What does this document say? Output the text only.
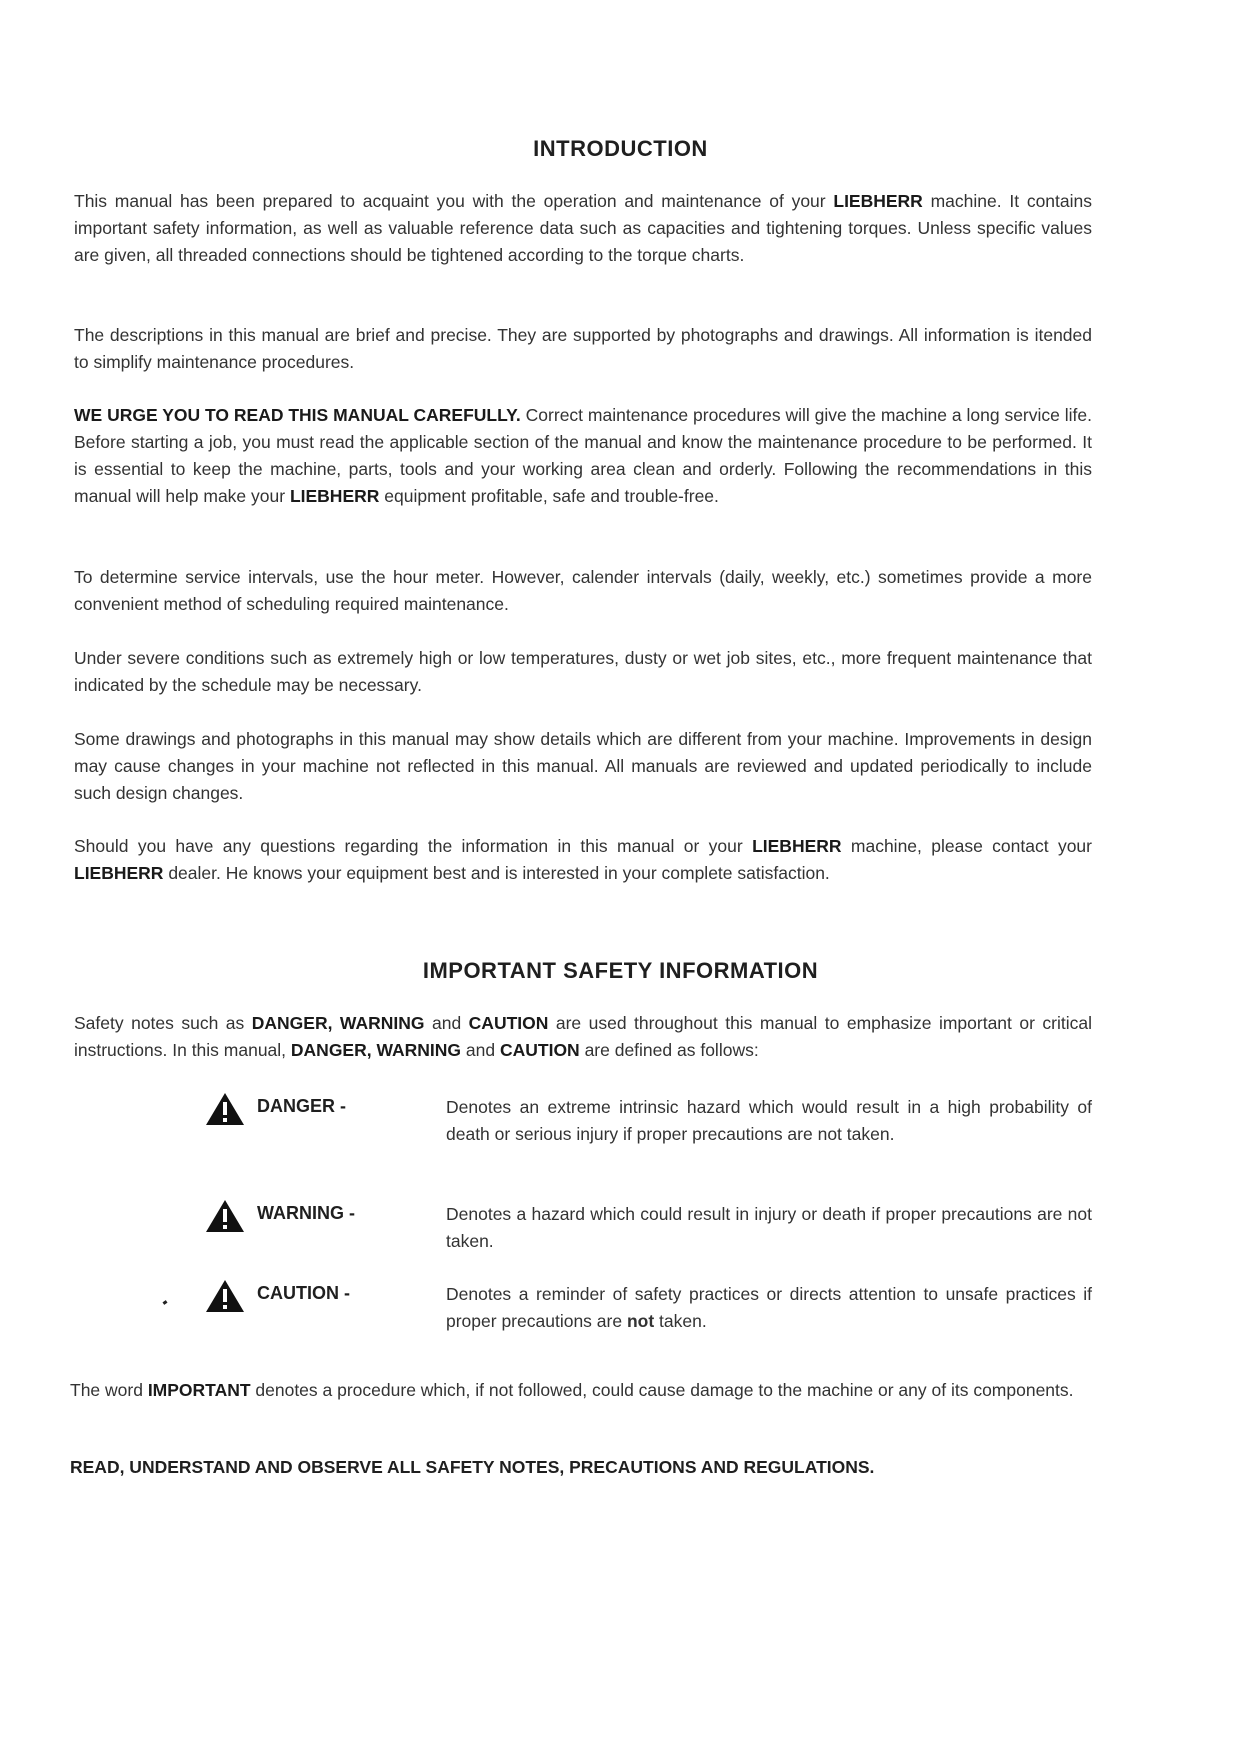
INTRODUCTION
This manual has been prepared to acquaint you with the operation and maintenance of your LIEBHERR machine. It contains important safety information, as well as valuable reference data such as capacities and tightening torques. Unless specific values are given, all threaded connections should be tightened according to the torque charts.
The descriptions in this manual are brief and precise. They are supported by photographs and drawings. All information is itended to simplify maintenance procedures.
WE URGE YOU TO READ THIS MANUAL CAREFULLY. Correct maintenance procedures will give the machine a long service life. Before starting a job, you must read the applicable section of the manual and know the maintenance procedure to be performed. It is essential to keep the machine, parts, tools and your working area clean and orderly. Following the recommendations in this manual will help make your LIEBHERR equipment profitable, safe and trouble-free.
To determine service intervals, use the hour meter. However, calender intervals (daily, weekly, etc.) sometimes provide a more convenient method of scheduling required maintenance.
Under severe conditions such as extremely high or low temperatures, dusty or wet job sites, etc., more frequent maintenance that indicated by the schedule may be necessary.
Some drawings and photographs in this manual may show details which are different from your machine. Improvements in design may cause changes in your machine not reflected in this manual. All manuals are reviewed and updated periodically to include such design changes.
Should you have any questions regarding the information in this manual or your LIEBHERR machine, please contact your LIEBHERR dealer. He knows your equipment best and is interested in your complete satisfaction.
IMPORTANT SAFETY INFORMATION
Safety notes such as DANGER, WARNING and CAUTION are used throughout this manual to emphasize important or critical instructions. In this manual, DANGER, WARNING and CAUTION are defined as follows:
DANGER -	Denotes an extreme intrinsic hazard which would result in a high probability of death or serious injury if proper precautions are not taken.
WARNING -	Denotes a hazard which could result in injury or death if proper precautions are not taken.
CAUTION -	Denotes a reminder of safety practices or directs attention to unsafe practices if proper precautions are not taken.
The word IMPORTANT denotes a procedure which, if not followed, could cause damage to the machine or any of its components.
READ, UNDERSTAND AND OBSERVE ALL SAFETY NOTES, PRECAUTIONS AND REGULATIONS.
